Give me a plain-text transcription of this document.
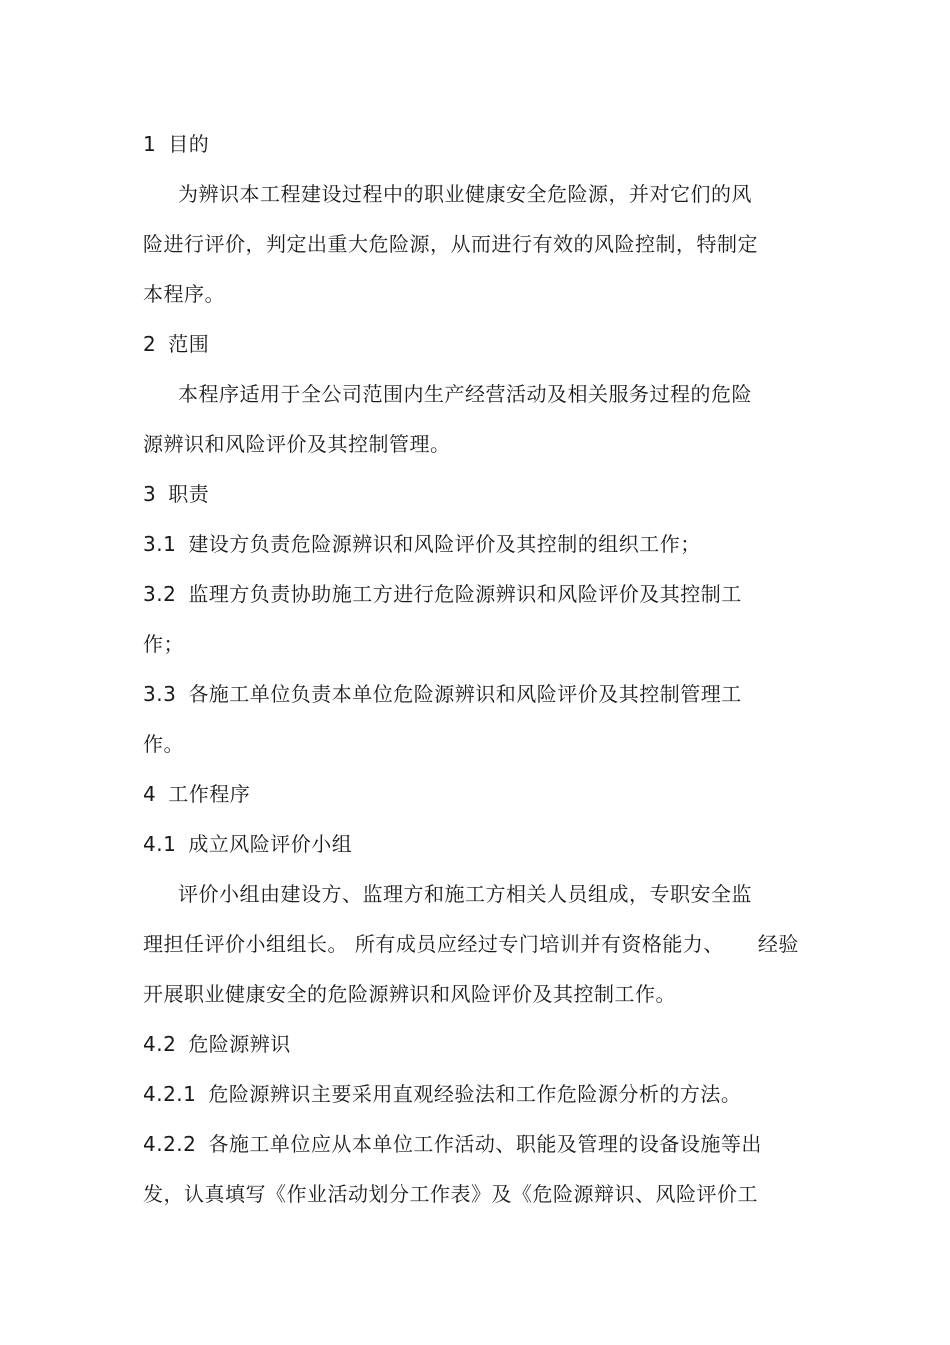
1 目的
为辨识本工程建设过程中的职业健康安全危险源，并对它们的风
险进行评价，判定出重大危险源，从而进行有效的风险控制，特制定
本程序。
2 范围
本程序适用于全公司范围内生产经营活动及相关服务过程的危险
源辨识和风险评价及其控制管理。
3 职责
3.1 建设方负责危险源辨识和风险评价及其控制的组织工作；
3.2 监理方负责协助施工方进行危险源辨识和风险评价及其控制工
作；
3.3 各施工单位负责本单位危险源辨识和风险评价及其控制管理工
作。
4 工作程序
4.1 成立风险评价小组
评价小组由建设方、监理方和施工方相关人员组成，专职安全监
理担任评价小组组长。 所有成员应经过专门培训并有资格能力、 经验
开展职业健康安全的危险源辨识和风险评价及其控制工作。
4.2 危险源辨识
4.2.1 危险源辨识主要采用直观经验法和工作危险源分析的方法。
4.2.2 各施工单位应从本单位工作活动、职能及管理的设备设施等出
发，认真填写《作业活动划分工作表》及《危险源辩识、风险评价工
